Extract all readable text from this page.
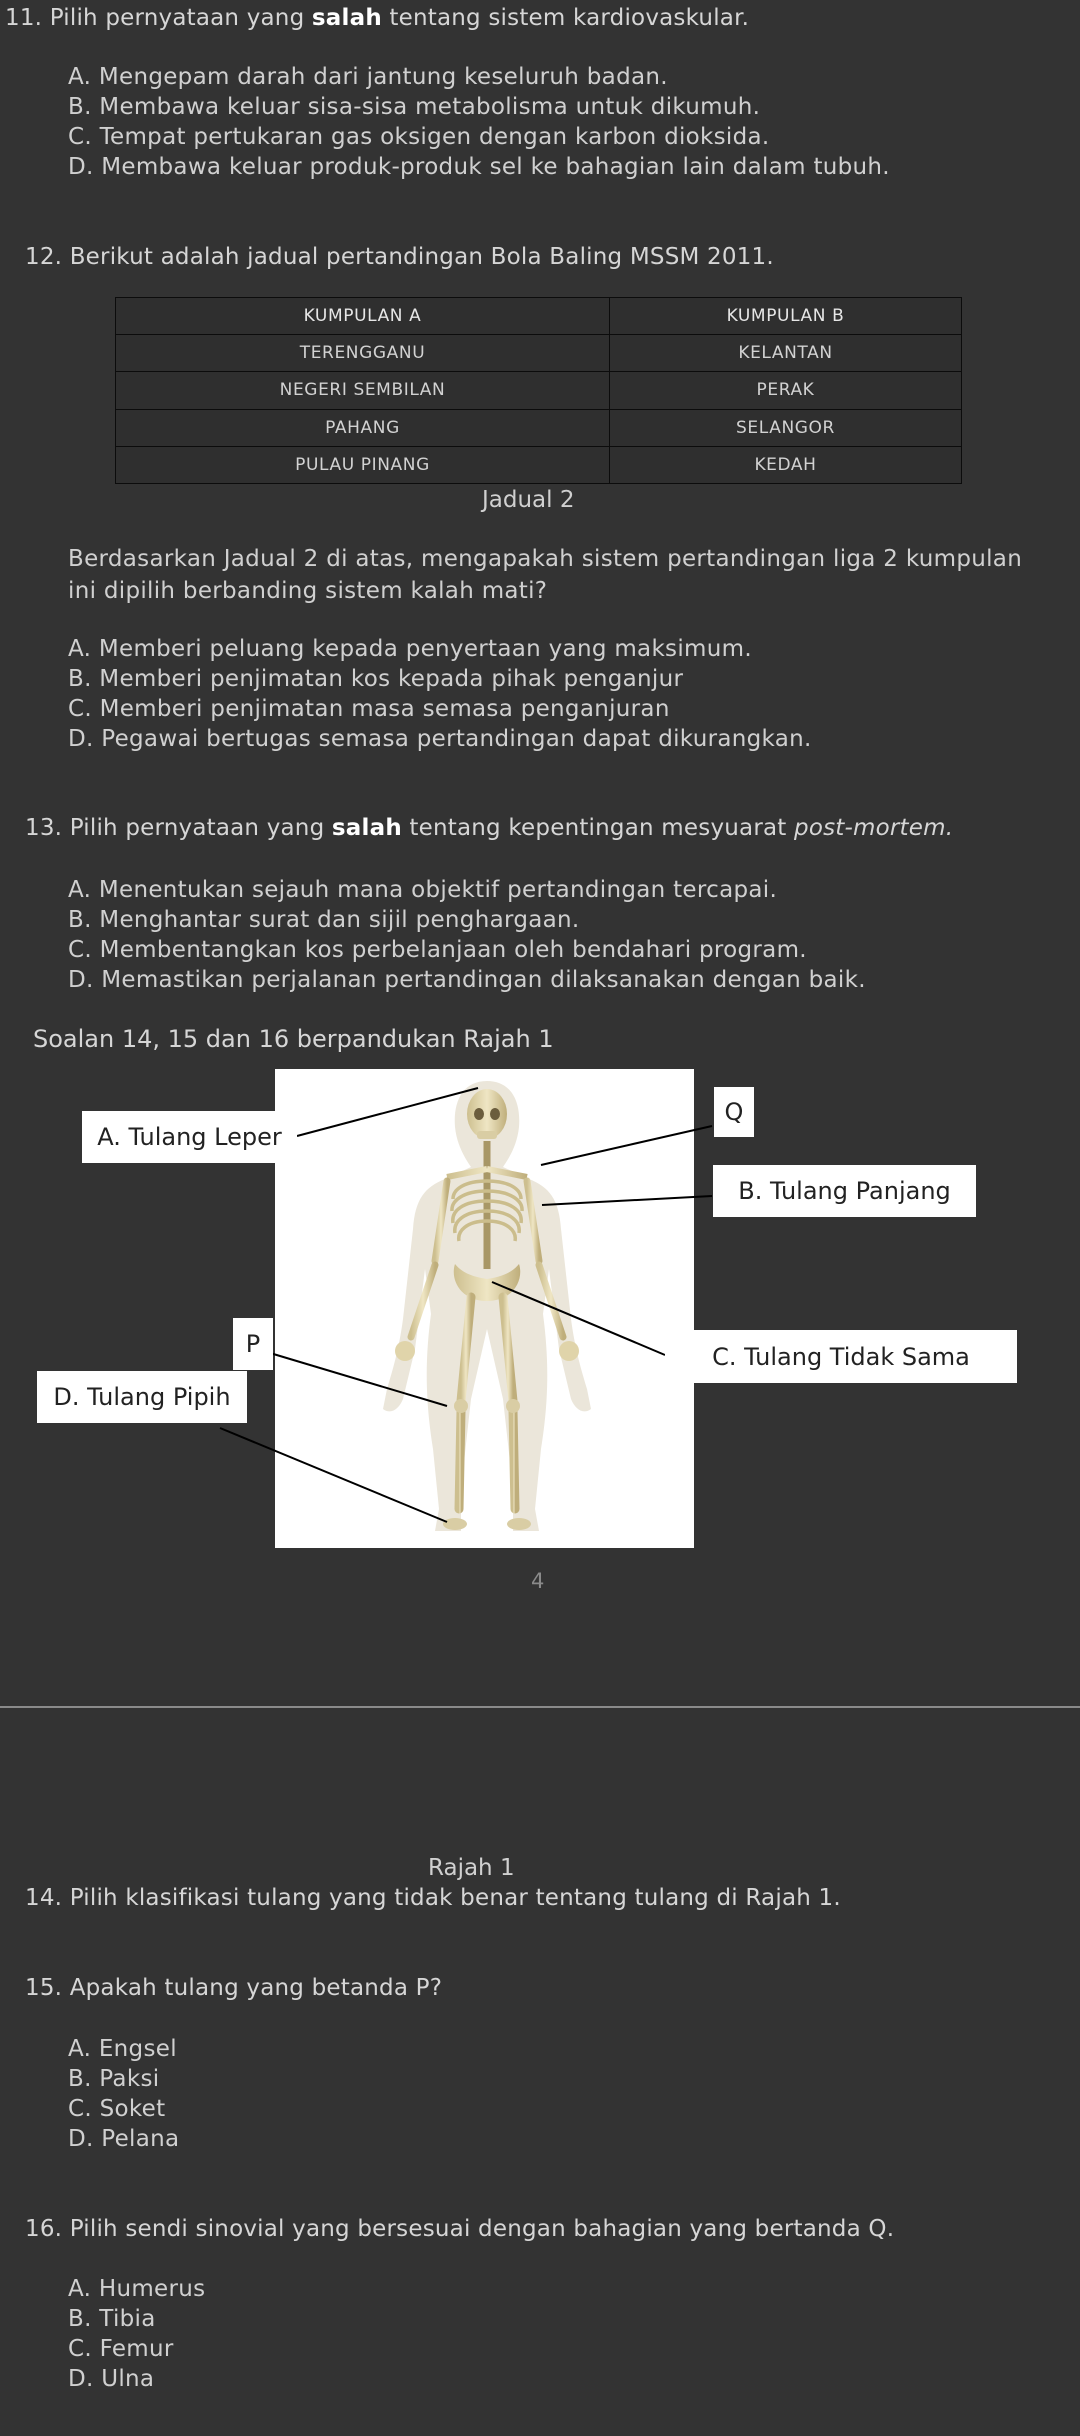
11. Pilih pernyataan yang salah tentang sistem kardiovaskular.
A. Mengepam darah dari jantung keseluruh badan.
B. Membawa keluar sisa-sisa metabolisma untuk dikumuh.
C. Tempat pertukaran gas oksigen dengan karbon dioksida.
D. Membawa keluar produk-produk sel ke bahagian lain dalam tubuh.
12. Berikut adalah jadual pertandingan Bola Baling MSSM 2011.
KUMPULAN A	KUMPULAN B
TERENGGANU	KELANTAN
NEGERI SEMBILAN	PERAK
PAHANG	SELANGOR
PULAU PINANG	KEDAH
Jadual 2
Berdasarkan Jadual 2 di atas, mengapakah sistem pertandingan liga 2 kumpulan
ini dipilih berbanding sistem kalah mati?
A. Memberi peluang kepada penyertaan yang maksimum.
B. Memberi penjimatan kos kepada pihak penganjur
C. Memberi penjimatan masa semasa penganjuran
D. Pegawai bertugas semasa pertandingan dapat dikurangkan.
13. Pilih pernyataan yang salah tentang kepentingan mesyuarat post-mortem.
A. Menentukan sejauh mana objektif pertandingan tercapai.
B. Menghantar surat dan sijil penghargaan.
C. Membentangkan kos perbelanjaan oleh bendahari program.
D. Memastikan perjalanan pertandingan dilaksanakan dengan baik.
Soalan 14, 15 dan 16 berpandukan Rajah 1
A. Tulang Leper
Q
B. Tulang Panjang
P	C. Tulang Tidak Sama
D. Tulang Pipih
4
Rajah 1
14. Pilih klasifikasi tulang yang tidak benar tentang tulang di Rajah 1.
15. Apakah tulang yang betanda P?
A. Engsel
B. Paksi
C. Soket
D. Pelana
16. Pilih sendi sinovial yang bersesuai dengan bahagian yang bertanda Q.
A. Humerus
B. Tibia
C. Femur
D. Ulna
